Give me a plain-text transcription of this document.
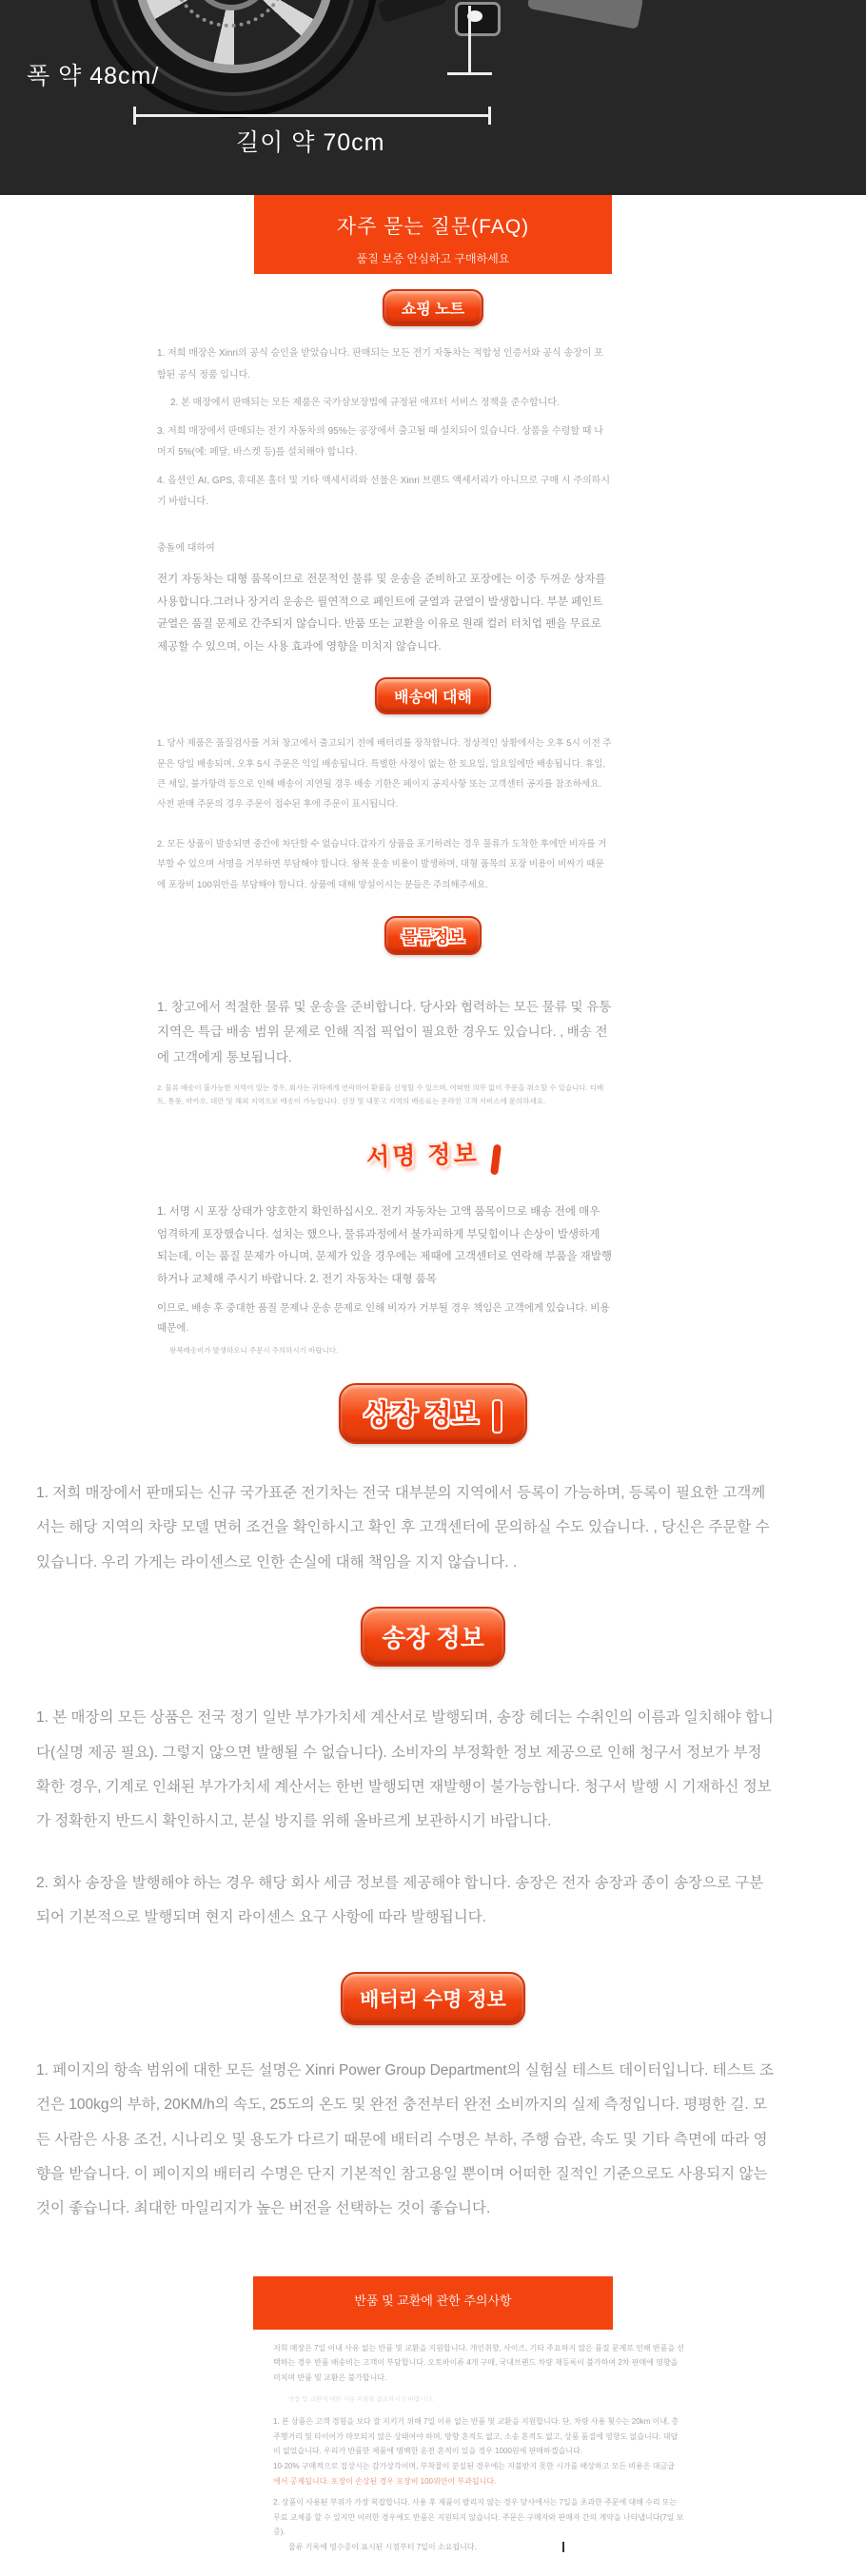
폭 약 48cm/
길이 약 70cm
자주 묻는 질문(FAQ)
품질 보증 안심하고 구매하세요
쇼핑 노트

1. 저희 매장은 Xinri의 공식 승인을 받았습니다. 판매되는 모든 전기 자동차는 적합성 인증서와 공식 송장이 포함된 공식 정품 입니다.

2. 본 매장에서 판매되는 모든 제품은 국가삼보장법에 규정된 애프터 서비스 정책을 준수합니다.

3. 저희 매장에서 판매되는 전기 자동차의 95%는 공장에서 출고될 때 설치되어 있습니다. 상품을 수령할 때 나머지 5%(예: 페달, 바스켓 등)를 설치해야 합니다.

4. 옵션인 AI, GPS, 휴대폰 홀더 및 기타 액세서리와 선물은 Xinri 브랜드 액세서리가 아니므로 구매 시 주의하시기 바랍니다.

충돌에 대하여

전기 자동차는 대형 품목이므로 전문적인 물류 및 운송을 준비하고 포장에는 이중 두꺼운 상자를 사용합니다.그러나 장거리 운송은 필연적으로 페인트에 균열과 균열이 발생합니다. 부분 페인트 균열은 품질 문제로 간주되지 않습니다. 반품 또는 교환을 이유로 원래 컬러 터치업 펜을 무료로 제공할 수 있으며, 이는 사용 효과에 영향을 미치지 않습니다.

배송에 대해

1. 당사 제품은 품질검사를 거쳐 창고에서 출고되기 전에 배터리를 장착합니다. 정상적인 상황에서는 오후 5시 이전 주문은 당일 배송되며, 오후 5시 주문은 익일 배송됩니다. 특별한 사정이 없는 한 토요일, 일요일에만 배송됩니다. 휴일, 큰 세일, 불가항력 등으로 인해 배송이 지연될 경우 배송 기한은 페이지 공지사항 또는 고객센터 공지를 참조하세요. 사전 판매 주문의 경우 주문이 접수된 후에 주문이 표시됩니다.

2. 모든 상품이 발송되면 중간에 차단할 수 없습니다.갑자기 상품을 포기하려는 경우 물류가 도착한 후에만 비자를 거부할 수 있으며 서명을 거부하면 부담해야 합니다. 왕복 운송 비용이 발생하며, 대형 품목의 포장 비용이 비싸기 때문에 포장비 100위안을 부담해야 합니다. 상품에 대해 망설이시는 분들은 주의해주세요.

물류정보

1. 창고에서 적절한 물류 및 운송을 준비합니다. 당사와 협력하는 모든 물류 및 유통 지역은 특급 배송 범위 문제로 인해 직접 픽업이 필요한 경우도 있습니다. , 배송 전에 고객에게 통보됩니다.

2. 물류 배송이 불가능한 지역이 있는 경우, 회사는 귀하에게 연락하여 환불을 신청할 수 있으며, 어떠한 의무 없이 주문을 취소할 수 있습니다. 티베트, 통풍, 마카오, 대만 및 해외 지역으로 배송이 가능합니다. 신장 및 내몽고 지역의 배송료는 온라인 고객 서비스에 문의하세요.

서명 정보

1. 서명 시 포장 상태가 양호한지 확인하십시오. 전기 자동차는 고액 품목이므로 배송 전에 매우 엄격하게 포장했습니다. 설치는 했으나, 물류과정에서 불가피하게 부딪힘이나 손상이 발생하게 되는데, 이는 품질 문제가 아니며, 문제가 있을 경우에는 제때에 고객센터로 연락해 부품을 재발행하거나 교체해 주시기 바랍니다. 2. 전기 자동차는 대형 품목

이므로, 배송 후 중대한 품질 문제나 운송 문제로 인해 비자가 거부될 경우 책임은 고객에게 있습니다. 비용 때문에.

왕복배송비가 발생하오니 주문시 주의하시기 바랍니다.

상장 정보

1. 저희 매장에서 판매되는 신규 국가표준 전기차는 전국 대부분의 지역에서 등록이 가능하며, 등록이 필요한 고객께서는 해당 지역의 차량 모델 면허 조건을 확인하시고 확인 후 고객센터에 문의하실 수도 있습니다. , 당신은 주문할 수 있습니다. 우리 가게는 라이센스로 인한 손실에 대해 책임을 지지 않습니다. .

송장 정보

1. 본 매장의 모든 상품은 전국 정기 일반 부가가치세 계산서로 발행되며, 송장 헤더는 수취인의 이름과 일치해야 합니다(실명 제공 필요). 그렇지 않으면 발행될 수 없습니다). 소비자의 부정확한 정보 제공으로 인해 청구서 정보가 부정확한 경우, 기계로 인쇄된 부가가치세 계산서는 한번 발행되면 재발행이 불가능합니다. 청구서 발행 시 기재하신 정보가 정확한지 반드시 확인하시고, 분실 방지를 위해 올바르게 보관하시기 바랍니다.

2. 회사 송장을 발행해야 하는 경우 해당 회사 세금 정보를 제공해야 합니다. 송장은 전자 송장과 종이 송장으로 구분되어 기본적으로 발행되며 현지 라이센스 요구 사항에 따라 발행됩니다.

배터리 수명 정보

1. 페이지의 항속 범위에 대한 모든 설명은 Xinri Power Group Department의 실험실 테스트 데이터입니다. 테스트 조건은 100kg의 부하, 20KM/h의 속도, 25도의 온도 및 완전 충전부터 완전 소비까지의 실제 측정입니다. 평평한 길. 모든 사람은 사용 조건, 시나리오 및 용도가 다르기 때문에 배터리 수명은 부하, 주행 습관, 속도 및 기타 측면에 따라 영향을 받습니다. 이 페이지의 배터리 수명은 단지 기본적인 참고용일 뿐이며 어떠한 질적인 기준으로도 사용되지 않는 것이 좋습니다. 최대한 마일리지가 높은 버전을 선택하는 것이 좋습니다.

반품 및 교환에 관한 주의사항

저희 매장은 7일 이내 사유 없는 반품 및 교환을 지원합니다. 개인취향, 사이즈, 기타 주요하지 않은 품질 문제로 인해 반품을 선택하는 경우 반품 배송비는 고객이 부담합니다. 오토바이류 4개 구매, 국내브랜드 차량 재등록이 불가하여 2차 판매에 영향을 미치며 반품 및 교환은 불가합니다.

반품 및 교환에 대한 사유 지침을 참조하시기 바랍니다.

1. 본 상품은 고객 경험을 보다 잘 지키기 위해 7일 이유 없는 반품 및 교환을 지원합니다. 단, 차량 사용 횟수는 20km 이내, 총 주행거리 및 타이어가 마모되지 않은 상태여야 하며, 방향 흔적도 없고, 소송 흔적도 없고, 상품 품질에 영향도 없습니다. 대답이 없었습니다. 우리가 반품한 제품에 명백한 운전 흔적이 있을 경우 1000원에 판매하겠습니다.

10-20% 구매적으로 집상시는 감가상각이며, 부착물이 분실된 경우에는 지불받지 못한 시가를 배상하고 모든 비용은 대금급

에서 공제됩니다. 포장이 손상된 경우 포장비 100위안이 부과됩니다.

2. 상품이 사용된 부위가 가장 복잡합니다. 사용 후 제품이 팔리지 않는 경우 당사에서는 7일을 초과한 주문에 대해 수리 또는 무료 교체를 할 수 있지만 이러한 경우에도 반품은 지원되지 않습니다. 주문은 구매자와 판매자 간의 계약을 나타냅니다(7일 보증).

물류 기록에 영수증이 표시된 시점부터 7일이 소요됩니다.
